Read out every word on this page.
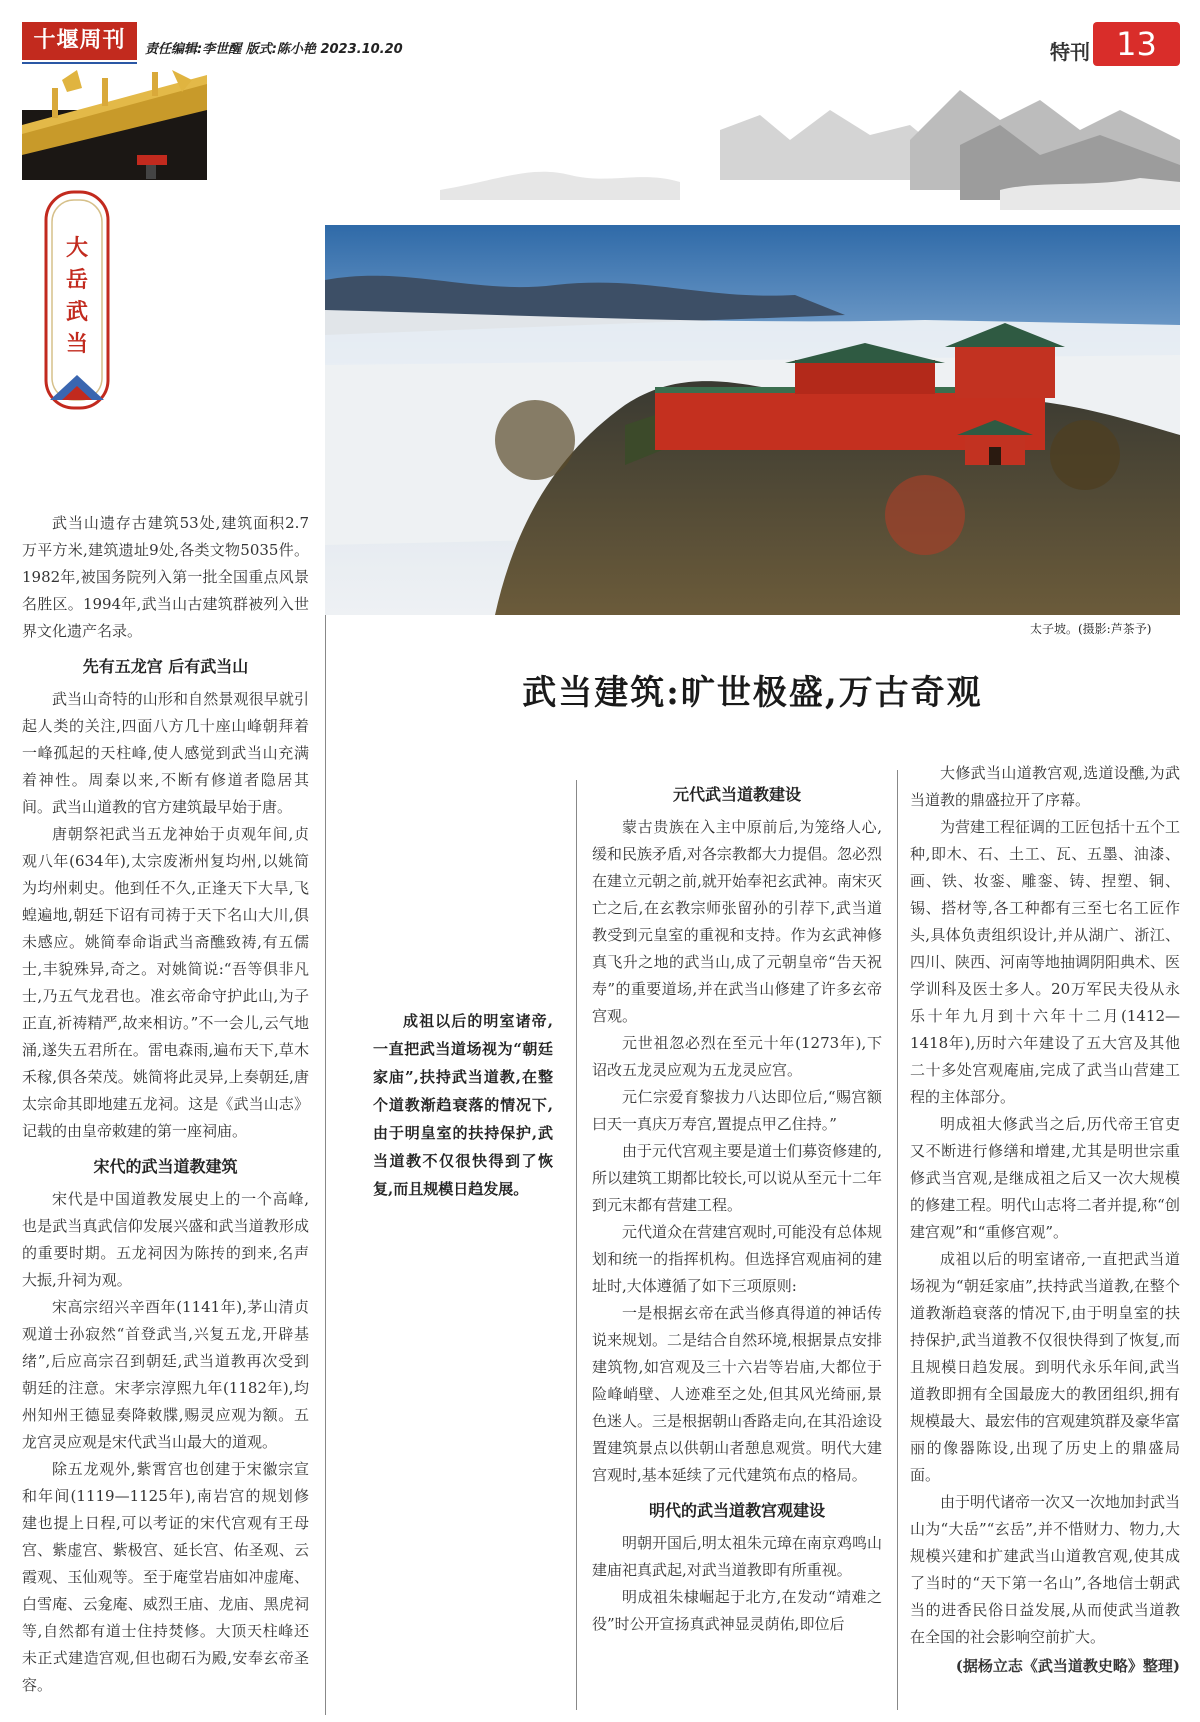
十堰周刊	责任编辑:李世醒 版式:陈小艳 2023.10.20	特刊 13
大
岳
武
当
太子坡。(摄影:芦茶予)
武当建筑:旷世极盛,万古奇观

武当山遗存古建筑53处,建筑面积2.7万平方米,建筑遗址9处,各类文物5035件。1982年,被国务院列入第一批全国重点风景名胜区。1994年,武当山古建筑群被列入世界文化遗产名录。

先有五龙宫 后有武当山

武当山奇特的山形和自然景观很早就引起人类的关注,四面八方几十座山峰朝拜着一峰孤起的天柱峰,使人感觉到武当山充满着神性。周秦以来,不断有修道者隐居其间。武当山道教的官方建筑最早始于唐。

唐朝祭祀武当五龙神始于贞观年间,贞观八年(634年),太宗废淅州复均州,以姚简为均州刺史。他到任不久,正逢天下大旱,飞蝗遍地,朝廷下诏有司祷于天下名山大川,俱未感应。姚简奉命诣武当斋醮致祷,有五儒士,丰貌殊异,奇之。对姚简说:“吾等俱非凡士,乃五气龙君也。准玄帝命守护此山,为子正直,祈祷精严,故来相访。”不一会儿,云气地涌,遂失五君所在。雷电森雨,遍布天下,草木禾稼,俱各荣茂。姚简将此灵异,上奏朝廷,唐太宗命其即地建五龙祠。这是《武当山志》记载的由皇帝敕建的第一座祠庙。

宋代的武当道教建筑

宋代是中国道教发展史上的一个高峰,也是武当真武信仰发展兴盛和武当道教形成的重要时期。五龙祠因为陈抟的到来,名声大振,升祠为观。

宋高宗绍兴辛酉年(1141年),茅山清贞观道士孙寂然“首登武当,兴复五龙,开辟基绪”,后应高宗召到朝廷,武当道教再次受到朝廷的注意。宋孝宗淳熙九年(1182年),均州知州王德显奏降敕牒,赐灵应观为额。五龙宫灵应观是宋代武当山最大的道观。

除五龙观外,紫霄宫也创建于宋徽宗宣和年间(1119—1125年),南岩宫的规划修建也提上日程,可以考证的宋代宫观有王母宫、紫虚宫、紫极宫、延长宫、佑圣观、云霞观、玉仙观等。至于庵堂岩庙如冲虚庵、白雪庵、云龛庵、威烈王庙、龙庙、黑虎祠等,自然都有道士住持焚修。大顶天柱峰还未正式建造宫观,但也砌石为殿,安奉玄帝圣容。

成祖以后的明室诸帝,一直把武当道场视为“朝廷家庙”,扶持武当道教,在整个道教渐趋衰落的情况下,由于明皇室的扶持保护,武当道教不仅很快得到了恢复,而且规模日趋发展。

元代武当道教建设

蒙古贵族在入主中原前后,为笼络人心,缓和民族矛盾,对各宗教都大力提倡。忽必烈在建立元朝之前,就开始奉祀玄武神。南宋灭亡之后,在玄教宗师张留孙的引荐下,武当道教受到元皇室的重视和支持。作为玄武神修真飞升之地的武当山,成了元朝皇帝“告天祝寿”的重要道场,并在武当山修建了许多玄帝宫观。

元世祖忽必烈在至元十年(1273年),下诏改五龙灵应观为五龙灵应宫。

元仁宗爱育黎拔力八达即位后,“赐宫额曰天一真庆万寿宫,置提点甲乙住持。”

由于元代宫观主要是道士们募资修建的,所以建筑工期都比较长,可以说从至元十二年到元末都有营建工程。

元代道众在营建宫观时,可能没有总体规划和统一的指挥机构。但选择宫观庙祠的建址时,大体遵循了如下三项原则:

一是根据玄帝在武当修真得道的神话传说来规划。二是结合自然环境,根据景点安排建筑物,如宫观及三十六岩等岩庙,大都位于险峰峭壁、人迹难至之处,但其风光绮丽,景色迷人。三是根据朝山香路走向,在其沿途设置建筑景点以供朝山者憩息观赏。明代大建宫观时,基本延续了元代建筑布点的格局。

明代的武当道教宫观建设

明朝开国后,明太祖朱元璋在南京鸡鸣山建庙祀真武起,对武当道教即有所重视。

明成祖朱棣崛起于北方,在发动“靖难之役”时公开宣扬真武神显灵荫佑,即位后

大修武当山道教宫观,选道设醮,为武当道教的鼎盛拉开了序幕。

为营建工程征调的工匠包括十五个工种,即木、石、土工、瓦、五墨、油漆、画、铁、妆銮、雕銮、铸、捏塑、铜、锡、搭材等,各工种都有三至七名工匠作头,具体负责组织设计,并从湖广、浙江、四川、陕西、河南等地抽调阴阳典术、医学训科及医士多人。20万军民夫役从永乐十年九月到十六年十二月(1412—1418年),历时六年建设了五大宫及其他二十多处宫观庵庙,完成了武当山营建工程的主体部分。

明成祖大修武当之后,历代帝王官吏又不断进行修缮和增建,尤其是明世宗重修武当宫观,是继成祖之后又一次大规模的修建工程。明代山志将二者并提,称“创建宫观”和“重修宫观”。

成祖以后的明室诸帝,一直把武当道场视为“朝廷家庙”,扶持武当道教,在整个道教渐趋衰落的情况下,由于明皇室的扶持保护,武当道教不仅很快得到了恢复,而且规模日趋发展。到明代永乐年间,武当道教即拥有全国最庞大的教团组织,拥有规模最大、最宏伟的宫观建筑群及豪华富丽的像器陈设,出现了历史上的鼎盛局面。

由于明代诸帝一次又一次地加封武当山为“大岳”“玄岳”,并不惜财力、物力,大规模兴建和扩建武当山道教宫观,使其成了当时的“天下第一名山”,各地信士朝武当的进香民俗日益发展,从而使武当道教在全国的社会影响空前扩大。

(据杨立志《武当道教史略》整理)
